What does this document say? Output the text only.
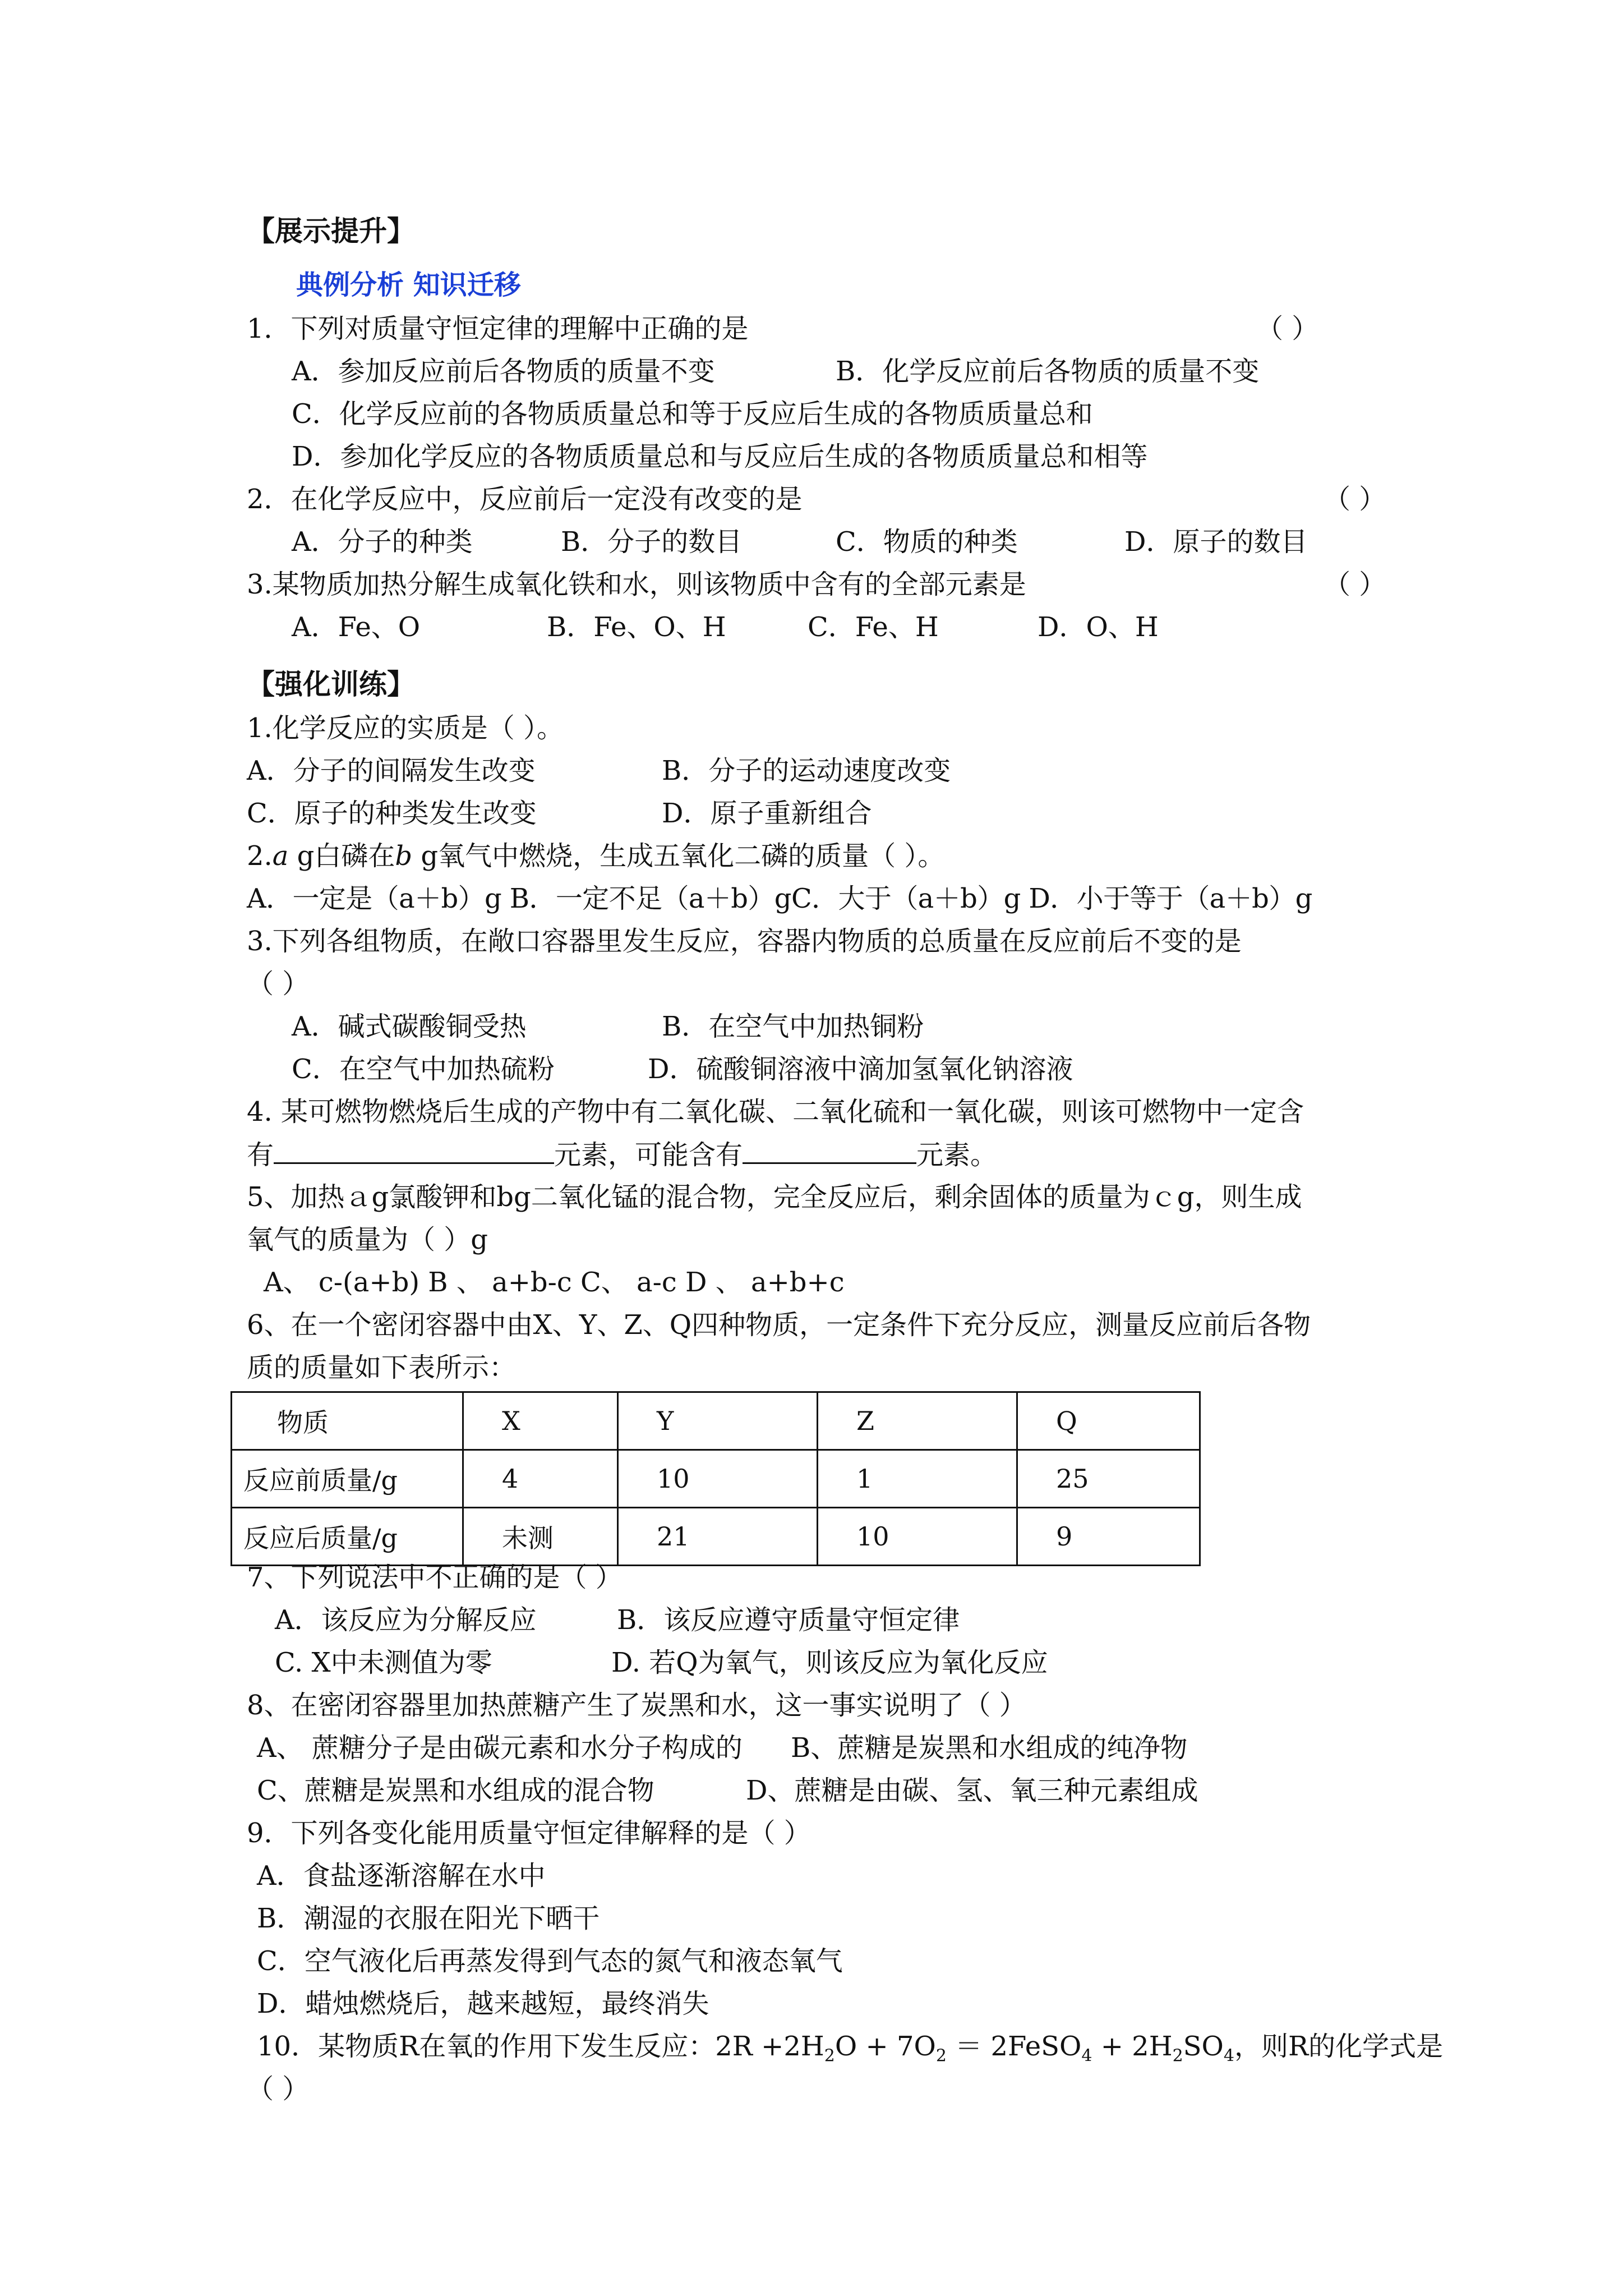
【展示提升】
典例分析 知识迁移
1．下列对质量守恒定律的理解中正确的是	（ ）
A．参加反应前后各物质的质量不变	B．化学反应前后各物质的质量不变
C．化学反应前的各物质质量总和等于反应后生成的各物质质量总和
D．参加化学反应的各物质质量总和与反应后生成的各物质质量总和相等
2．在化学反应中，反应前后一定没有改变的是	（ ）
A．分子的种类	B．分子的数目	C．物质的种类	D．原子的数目
3.某物质加热分解生成氧化铁和水，则该物质中含有的全部元素是	（ ）
A．Fe、O	B．Fe、O、H	C．Fe、H	D．O、H
【强化训练】
1.化学反应的实质是（ ）。
A．分子的间隔发生改变	B．分子的运动速度改变
C．原子的种类发生改变	D．原子重新组合
2.a g白磷在b g氧气中燃烧，生成五氧化二磷的质量（ ）。
A．一定是（a＋b）g B．一定不足（a＋b）gC．大于（a＋b）g D．小于等于（a＋b）g
3.下列各组物质，在敞口容器里发生反应，容器内物质的总质量在反应前后不变的是
（ ）
A．碱式碳酸铜受热	B．在空气中加热铜粉
C．在空气中加热硫粉	D．硫酸铜溶液中滴加氢氧化钠溶液
4. 某可燃物燃烧后生成的产物中有二氧化碳、二氧化硫和一氧化碳，则该可燃物中一定含
有	元素，可能含有	元素。
5、加热ａg氯酸钾和bg二氧化锰的混合物，完全反应后，剩余固体的质量为ｃg，则生成
氧气的质量为（ ）g
A、 c-(a+b) B 、 a+b-c C、 a-c D 、 a+b+c
6、在一个密闭容器中由X、Y、Z、Q四种物质，一定条件下充分反应，测量反应前后各物
质的质量如下表所示：
物质	X	Y	Z	Q
反应前质量/g	4	10	1	25
反应后质量/g	未测	21	10	9
7、下列说法中不正确的是（ ）
A．该反应为分解反应	B．该反应遵守质量守恒定律
C. X中未测值为零	D. 若Q为氧气，则该反应为氧化反应
8、在密闭容器里加热蔗糖产生了炭黑和水，这一事实说明了（ ）
A、 蔗糖分子是由碳元素和水分子构成的 B、蔗糖是炭黑和水组成的纯净物
C、蔗糖是炭黑和水组成的混合物	D、蔗糖是由碳、氢、氧三种元素组成
9．下列各变化能用质量守恒定律解释的是（ ）
A．食盐逐渐溶解在水中
B．潮湿的衣服在阳光下晒干
C．空气液化后再蒸发得到气态的氮气和液态氧气
D．蜡烛燃烧后，越来越短，最终消失
10．某物质R在氧的作用下发生反应：$2R +2H_2O + 7O_2$ ＝ 2FeSO$_4$ + $2H_2SO_4$，则R的化学式是
（ ）
